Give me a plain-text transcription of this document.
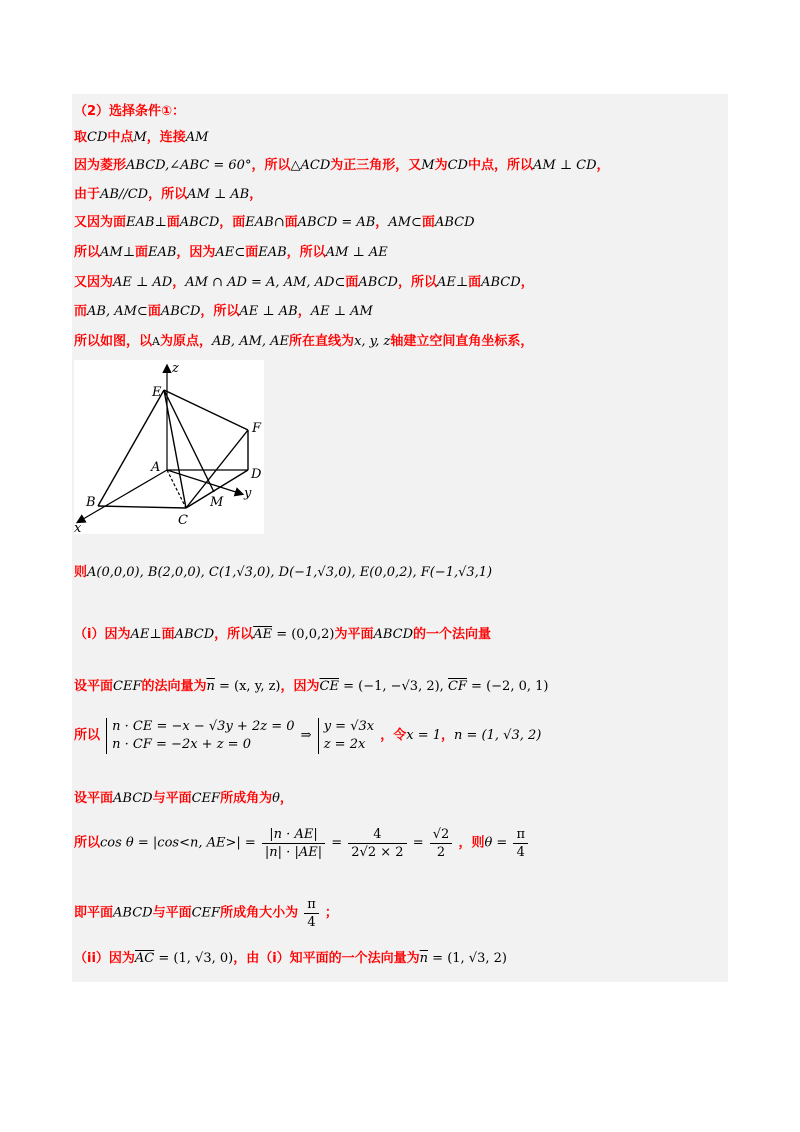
（2）选择条件①：
取CD中点M，连接AM
因为菱形ABCD,∠ABC = 60°，所以△ACD为正三角形，又M为CD中点，所以AM ⊥ CD，
由于AB//CD，所以AM ⊥ AB，
又因为面EAB⊥面ABCD，面EAB∩面ABCD = AB，AM⊂面ABCD
所以AM⊥面EAB，因为AE⊂面EAB，所以AM ⊥ AE
又因为AE ⊥ AD，AM ∩ AD = A, AM, AD⊂面ABCD，所以AE⊥面ABCD，
而AB, AM⊂面ABCD，所以AE ⊥ AB，AE ⊥ AM
所以如图，以A为原点，AB, AM, AE所在直线为x, y, z轴建立空间直角坐标系，
E
F
A	D
B
C
M
x
y
z
则A(0,0,0), B(2,0,0), C(1,√3,0), D(−1,√3,0), E(0,0,2), F(−1,√3,1)
（i）因为AE⊥面ABCD，所以$\overline{AE} = (0,0,2)$为平面ABCD的一个法向量
设平面CEF的法向量为$\overline{n} = (x$, y, z)，因为$\overline{CE} = (-1$, −√3, 2), $\overline{CF} = (-2$, 0, 1)
所以
n · CE = −x − √3y + 2z = 0
n · CF = −2x + z = 0
⇒
y = √3x
z = 2x
，令x = 1，n = (1, √3, 2)
设平面ABCD与平面CEF所成角为θ，
所以cos θ = |cos<n, $AE>| = \frac{|n \cdot AE|}{|n| \cdot |AE|} = \frac{4}{2√2 \times 2} = \frac{√2}{2}$ ，则$\theta = \frac{\pi}{4}$
即平面ABCD与平面CEF所成角大小为 $\frac{\pi}{4}$ ；
（ii）因为$\overline{AC} = (1$, √3, 0)，由（i）知平面的一个法向量为$\overline{n} = (1$, √3, 2)
